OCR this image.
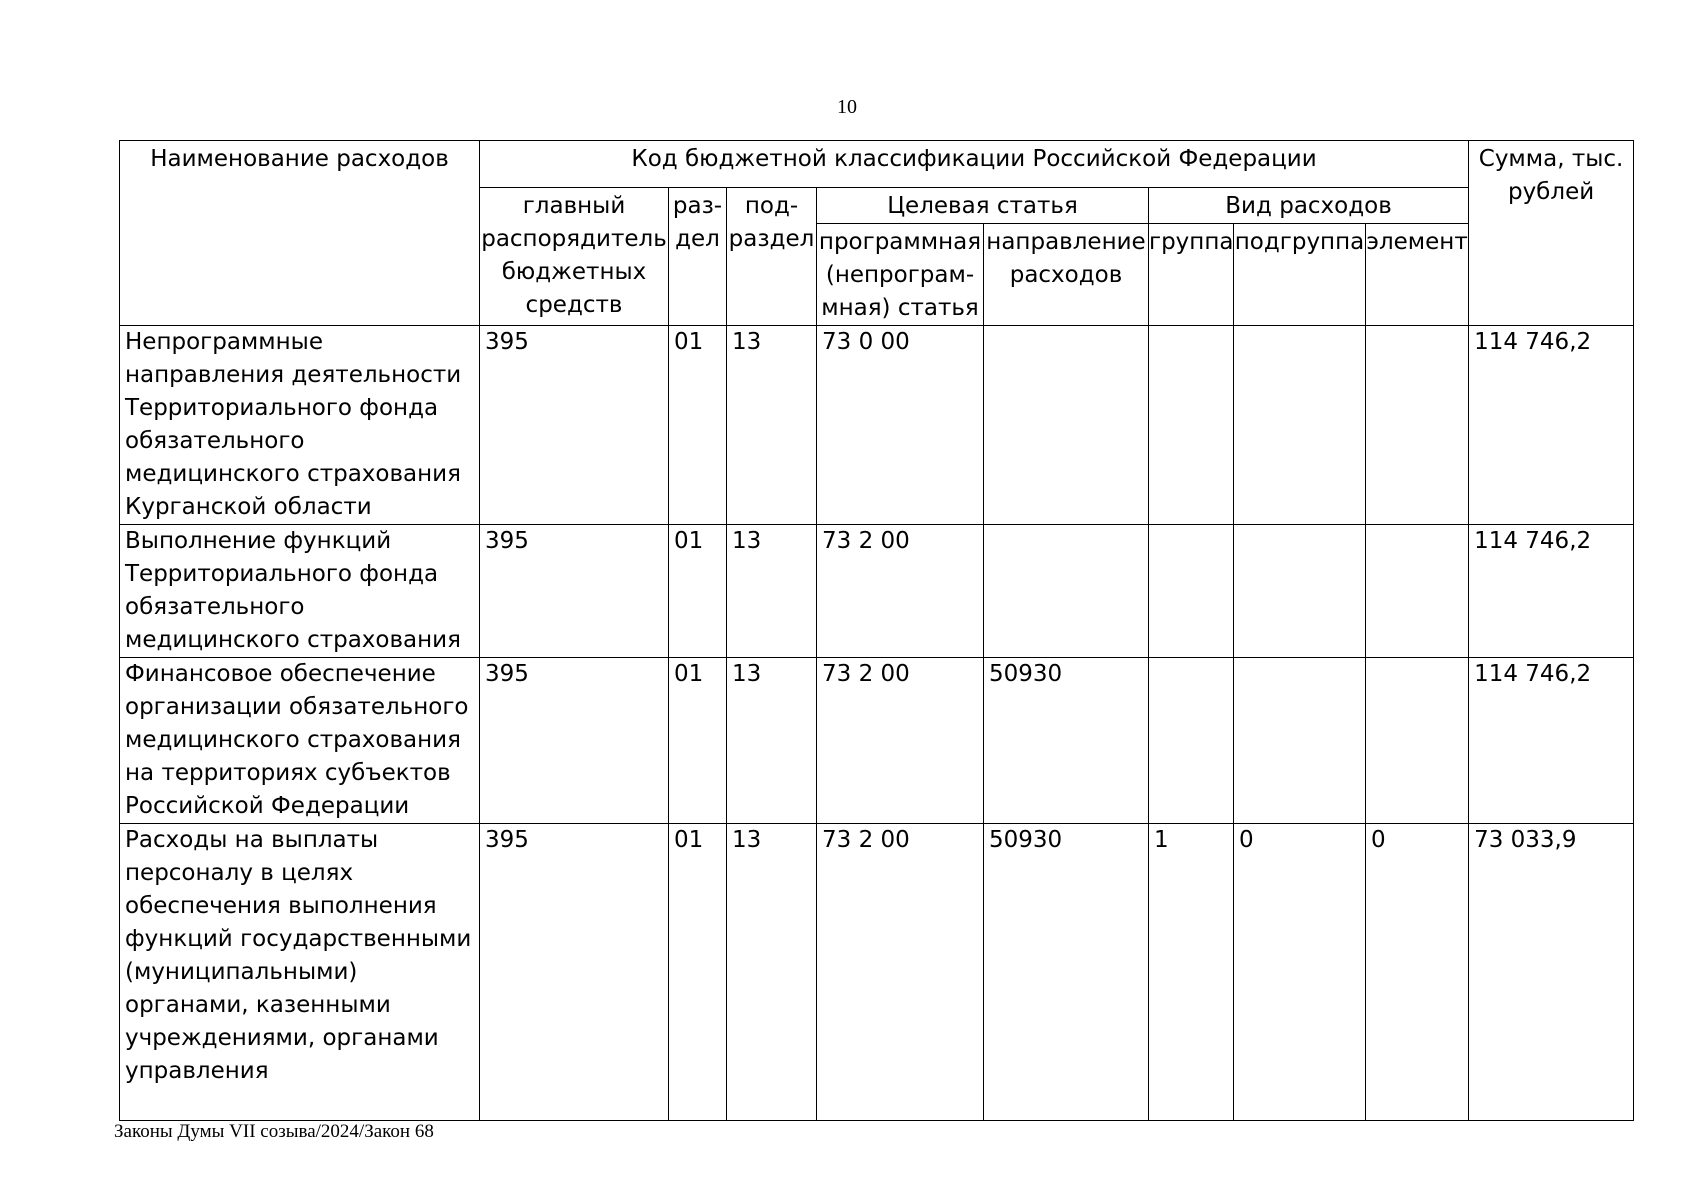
10
Наименование расходов	Код бюджетной классификации Российской Федерации								Сумма, тыс. рублей
	главный распорядитель бюджетных средств	раз-дел	под-раздел	Целевая статья		Вид расходов			
				программная (непрограм-мная) статья	направление расходов	группа	подгруппа	элемент	
Непрограммные направления деятельности Территориального фонда обязательного медицинского страхования Курганской области	395	01	13	73 0 00					114 746,2
Выполнение функций Территориального фонда обязательного медицинского страхования	395	01	13	73 2 00					114 746,2
Финансовое обеспечение организации обязательного медицинского страхования на территориях субъектов Российской Федерации	395	01	13	73 2 00	50930				114 746,2
Расходы на выплаты персоналу в целях обеспечения выполнения функций государственными (муниципальными) органами, казенными учреждениями, органами управления	395	01	13	73 2 00	50930	1	0	0	73 033,9
Законы Думы VII созыва/2024/Закон 68
